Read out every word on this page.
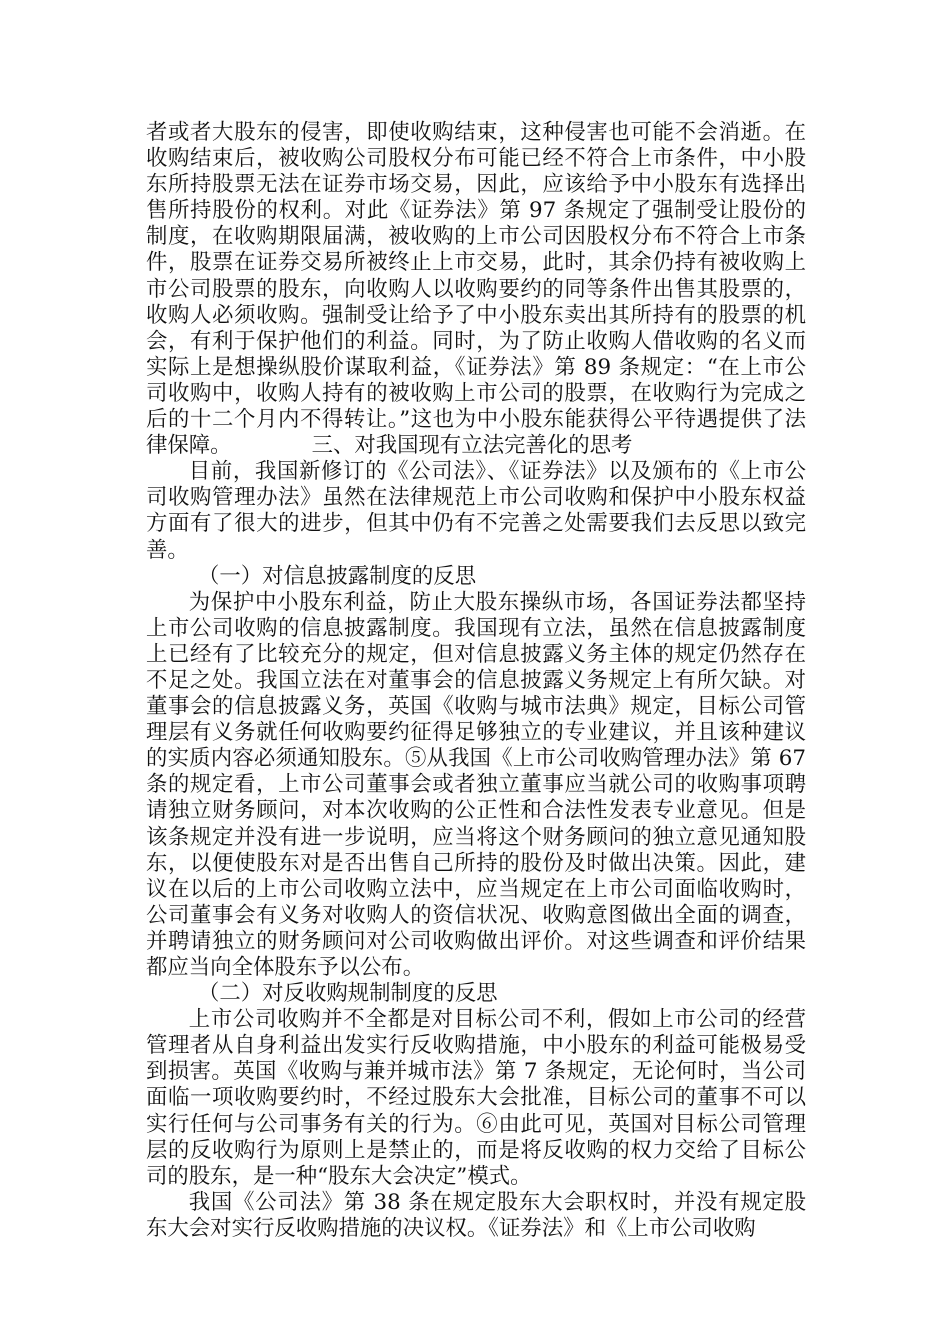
者或者大股东的侵害，即使收购结束，这种侵害也可能不会消逝。在收购结束后，被收购公司股权分布可能已经不符合上市条件，中小股东所持股票无法在证券市场交易，因此，应该给予中小股东有选择出售所持股份的权利。对此《证券法》第 97 条规定了强制受让股份的制度，在收购期限届满，被收购的上市公司因股权分布不符合上市条件，股票在证券交易所被终止上市交易，此时，其余仍持有被收购上市公司股票的股东，向收购人以收购要约的同等条件出售其股票的，收购人必须收购。强制受让给予了中小股东卖出其所持有的股票的机会，有利于保护他们的利益。同时，为了防止收购人借收购的名义而实际上是想操纵股价谋取利益，《证券法》第 89 条规定：“在上市公司收购中，收购人持有的被收购上市公司的股票，在收购行为完成之后的十二个月内不得转让。”这也为中小股东能获得公平待遇提供了法律保障。	三、对我国现有立法完善化的思考

目前，我国新修订的《公司法》、《证券法》以及颁布的《上市公司收购管理办法》虽然在法律规范上市公司收购和保护中小股东权益方面有了很大的进步，但其中仍有不完善之处需要我们去反思以致完善。

（一）对信息披露制度的反思

为保护中小股东利益，防止大股东操纵市场，各国证券法都坚持上市公司收购的信息披露制度。我国现有立法，虽然在信息披露制度上已经有了比较充分的规定，但对信息披露义务主体的规定仍然存在不足之处。我国立法在对董事会的信息披露义务规定上有所欠缺。对董事会的信息披露义务，英国《收购与城市法典》规定，目标公司管理层有义务就任何收购要约征得足够独立的专业建议，并且该种建议的实质内容必须通知股东。⑤从我国《上市公司收购管理办法》第 67 条的规定看，上市公司董事会或者独立董事应当就公司的收购事项聘请独立财务顾问，对本次收购的公正性和合法性发表专业意见。但是该条规定并没有进一步说明，应当将这个财务顾问的独立意见通知股东，以便使股东对是否出售自己所持的股份及时做出决策。因此，建议在以后的上市公司收购立法中，应当规定在上市公司面临收购时，公司董事会有义务对收购人的资信状况、收购意图做出全面的调查，并聘请独立的财务顾问对公司收购做出评价。对这些调查和评价结果都应当向全体股东予以公布。

（二）对反收购规制制度的反思

上市公司收购并不全都是对目标公司不利，假如上市公司的经营管理者从自身利益出发实行反收购措施，中小股东的利益可能极易受到损害。英国《收购与兼并城市法》第 7 条规定，无论何时，当公司面临一项收购要约时，不经过股东大会批准，目标公司的董事不可以实行任何与公司事务有关的行为。⑥由此可见，英国对目标公司管理层的反收购行为原则上是禁止的，而是将反收购的权力交给了目标公司的股东，是一种“股东大会决定”模式。

我国《公司法》第 38 条在规定股东大会职权时，并没有规定股东大会对实行反收购措施的决议权。《证券法》和《上市公司收购
